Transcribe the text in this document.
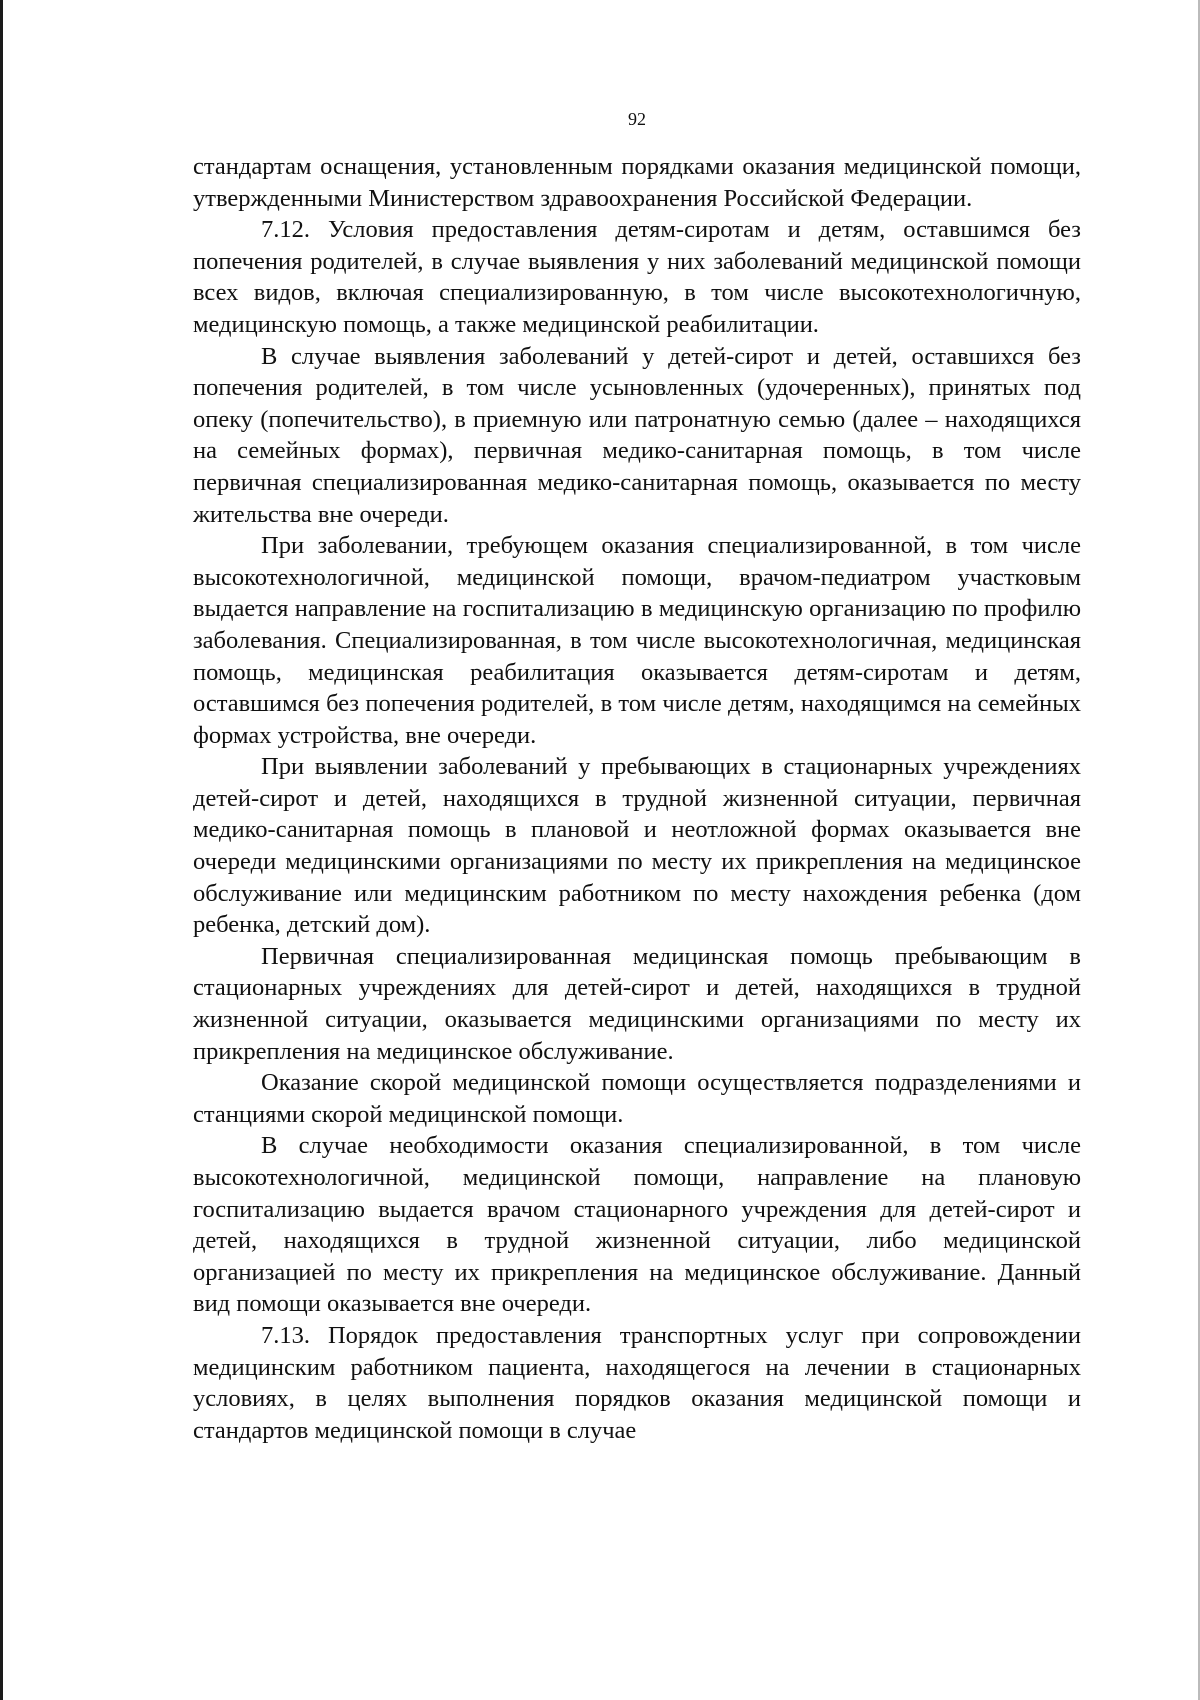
92

стандартам оснащения, установленным порядками оказания медицинской помощи, утвержденными Министерством здравоохранения Российской Федерации.

7.12. Условия предоставления детям-сиротам и детям, оставшимся без попечения родителей, в случае выявления у них заболеваний медицинской помощи всех видов, включая специализированную, в том числе высокотехнологичную, медицинскую помощь, а также медицинской реабилитации.

В случае выявления заболеваний у детей-сирот и детей, оставшихся без попечения родителей, в том числе усыновленных (удочеренных), принятых под опеку (попечительство), в приемную или патронатную семью (далее – находящихся на семейных формах), первичная медико-санитарная помощь, в том числе первичная специализированная медико-санитарная помощь, оказывается по месту жительства вне очереди.

При заболевании, требующем оказания специализированной, в том числе высокотехнологичной, медицинской помощи, врачом-педиатром участковым выдается направление на госпитализацию в медицинскую организацию по профилю заболевания. Специализированная, в том числе высокотехнологичная, медицинская помощь, медицинская реабилитация оказывается детям-сиротам и детям, оставшимся без попечения родителей, в том числе детям, находящимся на семейных формах устройства, вне очереди.

При выявлении заболеваний у пребывающих в стационарных учреждениях детей-сирот и детей, находящихся в трудной жизненной ситуации, первичная медико-санитарная помощь в плановой и неотложной формах оказывается вне очереди медицинскими организациями по месту их прикрепления на медицинское обслуживание или медицинским работником по месту нахождения ребенка (дом ребенка, детский дом).

Первичная специализированная медицинская помощь пребывающим в стационарных учреждениях для детей-сирот и детей, находящихся в трудной жизненной ситуации, оказывается медицинскими организациями по месту их прикрепления на медицинское обслуживание.

Оказание скорой медицинской помощи осуществляется подразделениями и станциями скорой медицинской помощи.

В случае необходимости оказания специализированной, в том числе высокотехнологичной, медицинской помощи, направление на плановую госпитализацию выдается врачом стационарного учреждения для детей-сирот и детей, находящихся в трудной жизненной ситуации, либо медицинской организацией по месту их прикрепления на медицинское обслуживание. Данный вид помощи оказывается вне очереди.

7.13. Порядок предоставления транспортных услуг при сопровождении медицинским работником пациента, находящегося на лечении в стационарных условиях, в целях выполнения порядков оказания медицинской помощи и стандартов медицинской помощи в случае
